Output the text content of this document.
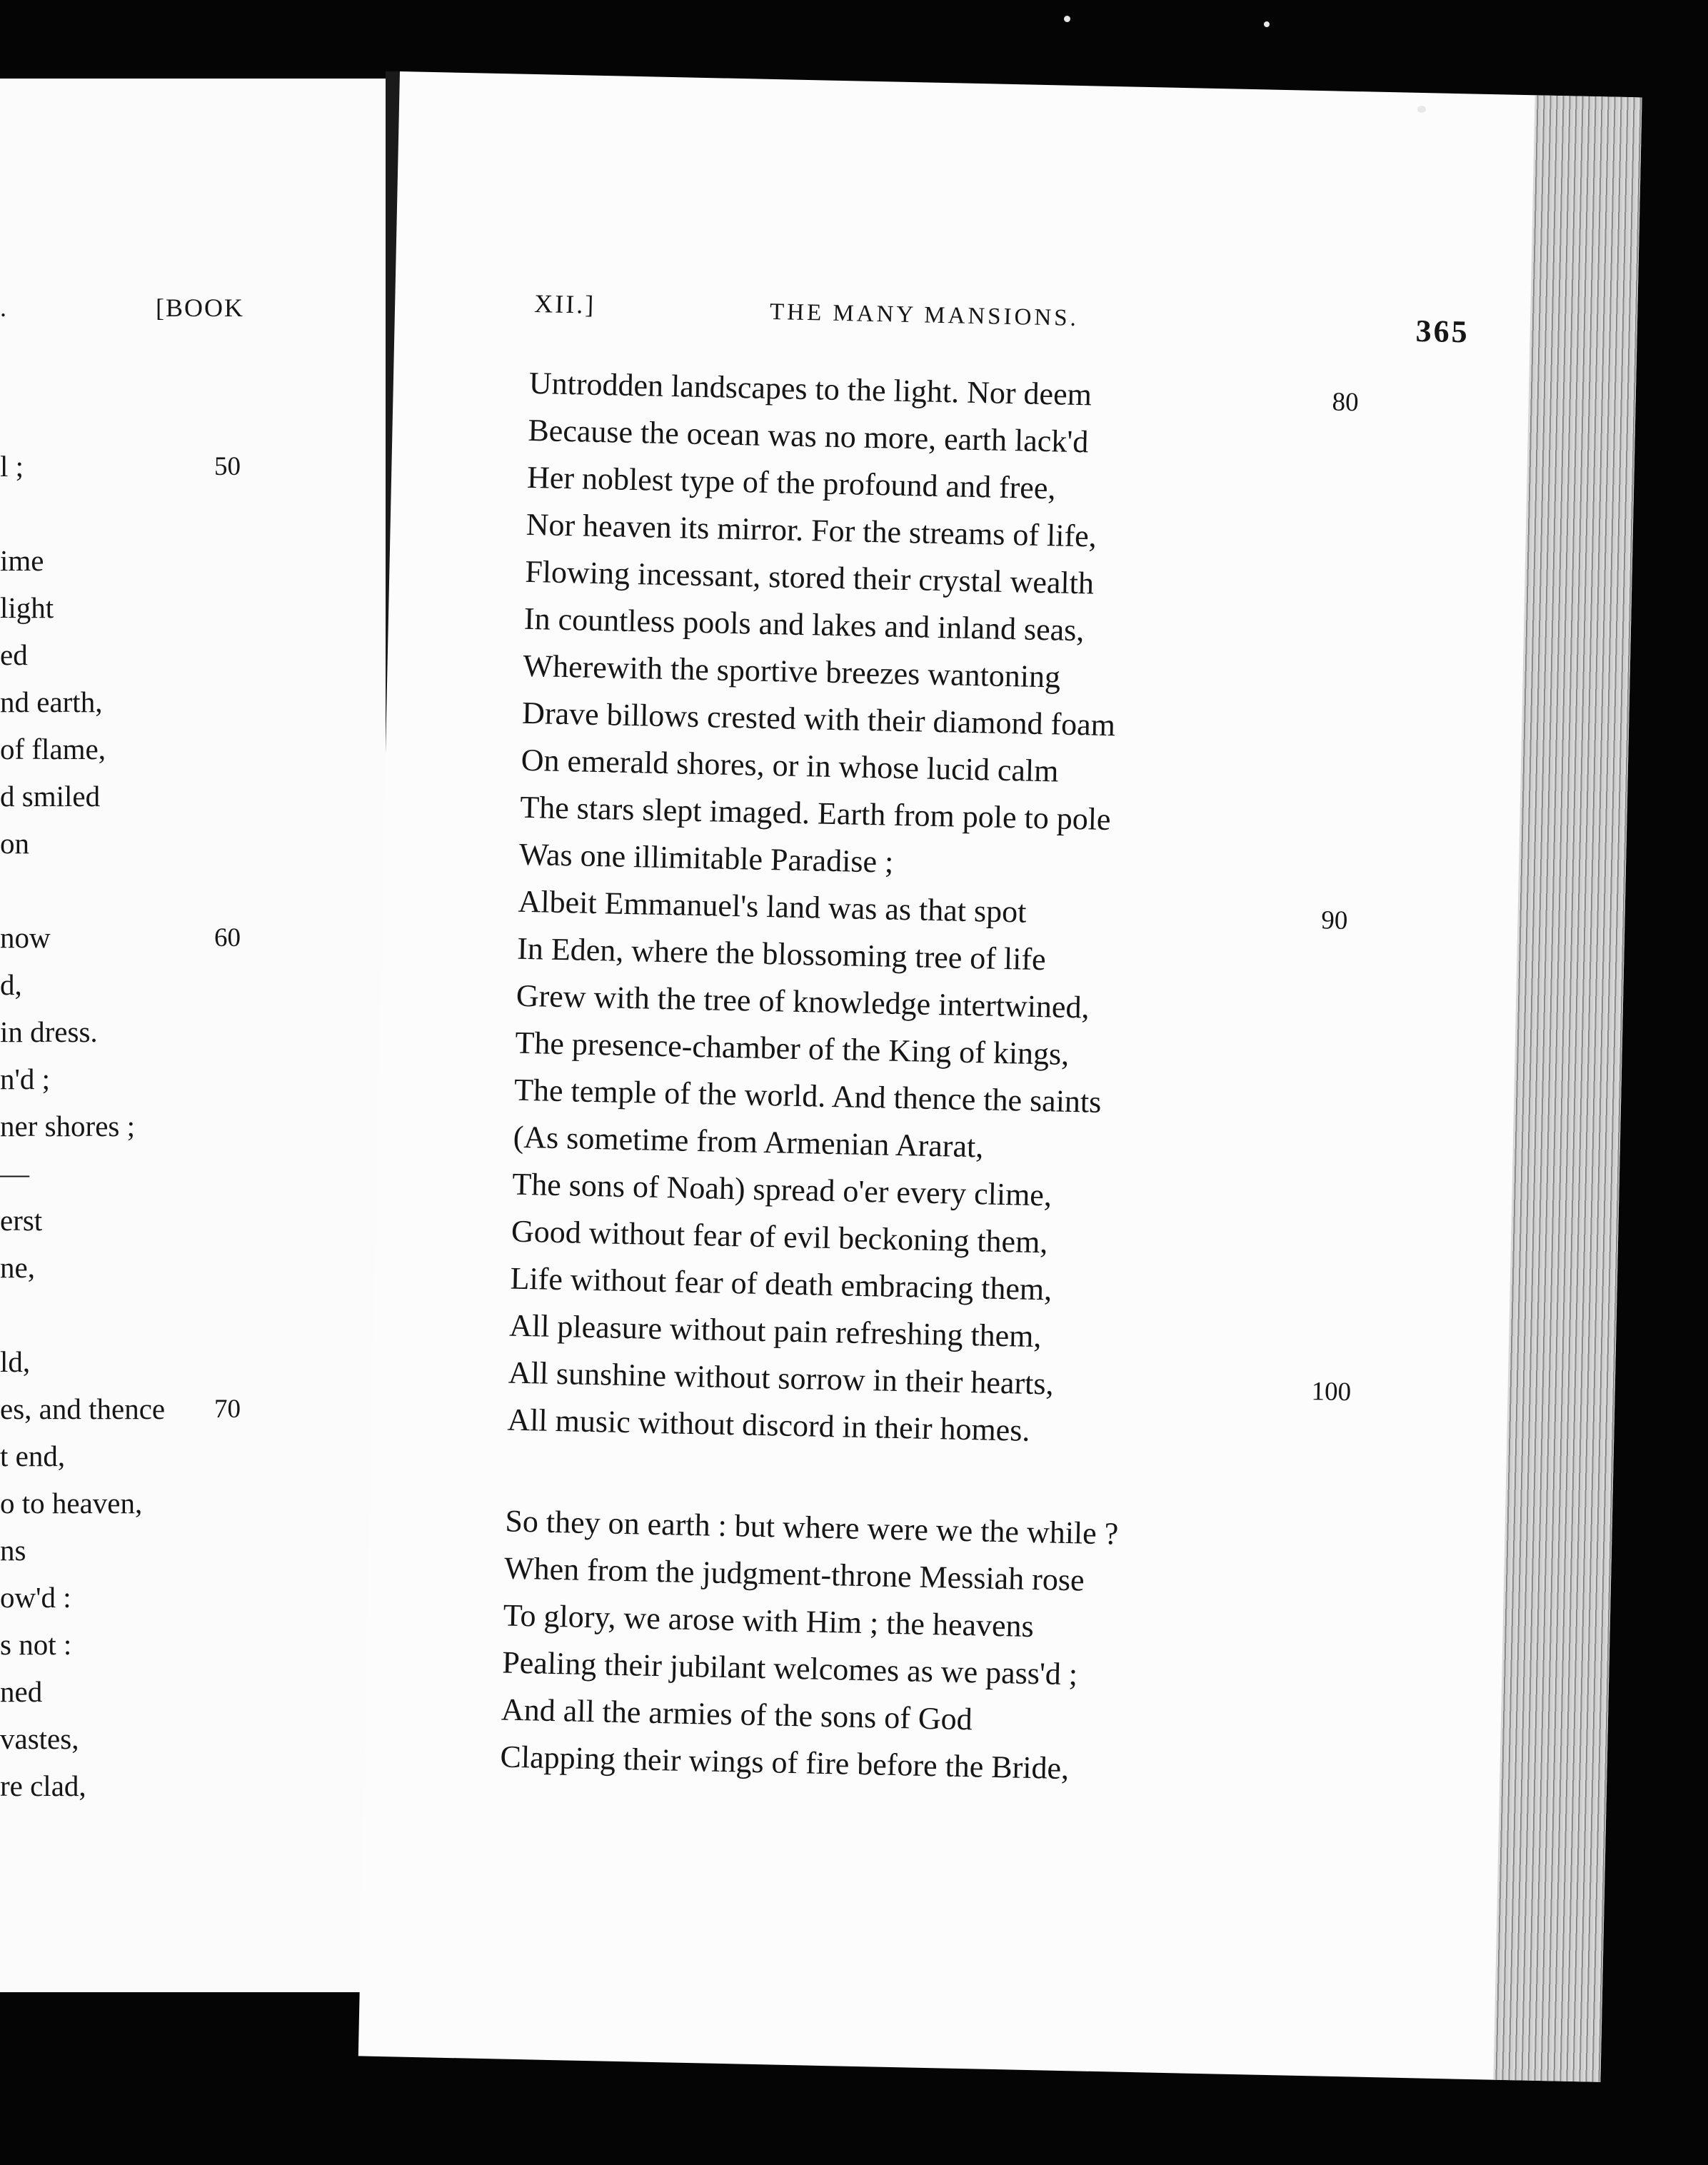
.	[BOOK
l ;
ime
light
ed
nd earth,
of flame,
d smiled
on
now
d,
in dress.
n'd ;
ner shores ;
—
erst
ne,
ld,
es, and thence
t end,
o to heaven,
ns
ow'd :
s not :
ned
vastes,
re clad,
50
60
70
XII.]	THE MANY MANSIONS.	365
Untrodden landscapes to the light. Nor deem
Because the ocean was no more, earth lack'd
Her noblest type of the profound and free,
Nor heaven its mirror. For the streams of life,
Flowing incessant, stored their crystal wealth
In countless pools and lakes and inland seas,
Wherewith the sportive breezes wantoning
Drave billows crested with their diamond foam
On emerald shores, or in whose lucid calm
The stars slept imaged. Earth from pole to pole
Was one illimitable Paradise ;
Albeit Emmanuel's land was as that spot
In Eden, where the blossoming tree of life
Grew with the tree of knowledge intertwined,
The presence-chamber of the King of kings,
The temple of the world. And thence the saints
(As sometime from Armenian Ararat,
The sons of Noah) spread o'er every clime,
Good without fear of evil beckoning them,
Life without fear of death embracing them,
All pleasure without pain refreshing them,
All sunshine without sorrow in their hearts,
All music without discord in their homes.
So they on earth : but where were we the while ?
When from the judgment-throne Messiah rose
To glory, we arose with Him ; the heavens
Pealing their jubilant welcomes as we pass'd ;
And all the armies of the sons of God
Clapping their wings of fire before the Bride,
80
90
100
